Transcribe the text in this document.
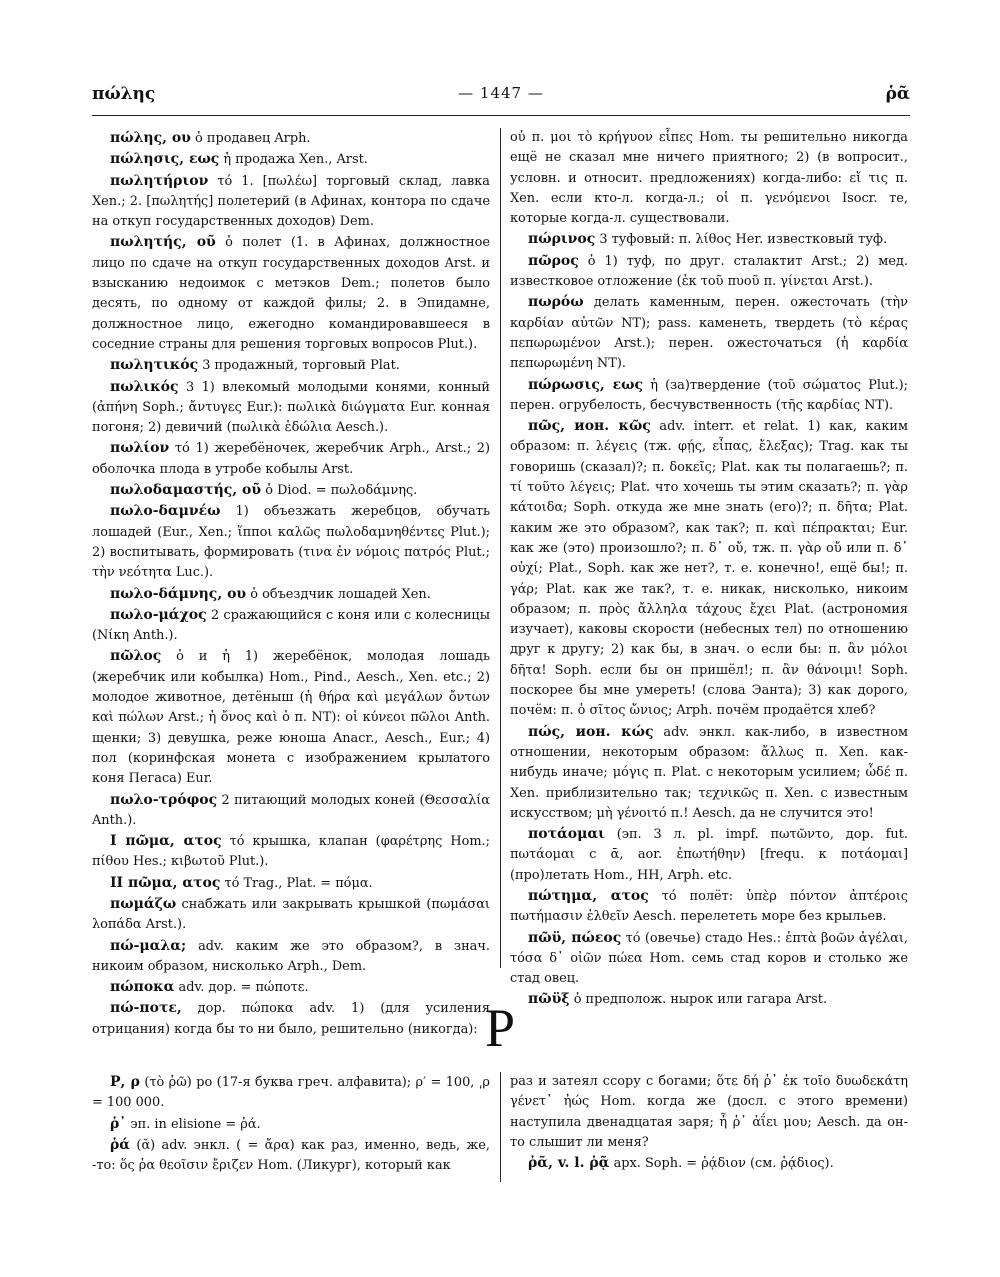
πώλης	— 1447 —	ῥᾶ

πώλης, ου ὁ продавец Arph.

πώλησις, εως ἡ продажа Xen., Arst.

πωλητήριον τό 1. [πωλέω] торговый склад, лавка Xen.; 2. [πωλητής] полетерий (в Афинах, контора по сдаче на откуп государственных доходов) Dem.

πωλητής, οῦ ὁ полет (1. в Афинах, должностное лицо по сдаче на откуп государственных доходов Arst. и взысканию недоимок с метэков Dem.; полетов было десять, по одному от каждой филы; 2. в Эпидамне, должностное лицо, ежегодно командировавшееся в соседние страны для решения торговых вопросов Plut.).

πωλητικός 3 продажный, торговый Plat.

πωλικός 3 1) влекомый молодыми конями, конный (ἀπήνη Soph.; ἄντυγες Eur.): πωλικὰ διώγματα Eur. конная погоня; 2) девичий (πωλικὰ ἑδώλια Aesch.).

πωλίον τό 1) жеребёночек, жеребчик Arph., Arst.; 2) оболочка плода в утробе кобылы Arst.

πωλοδαμαστής, οῦ ὁ Diod. = πωλοδάμνης.

πωλο-δαμνέω 1) объезжать жеребцов, обучать лошадей (Eur., Xen.; ἵπποι καλῶς πωλοδαμνηθέντες Plut.); 2) воспитывать, формировать (τινα ἐν νόμοις πατρός Plut.; τὴν νεότητα Luc.).

πωλο-δάμνης, ου ὁ объездчик лошадей Xen.

πωλο-μάχος 2 сражающийся с коня или с колесницы (Νίκη Anth.).

πῶλος ὁ и ἡ 1) жеребёнок, молодая лошадь (жеребчик или кобылка) Hom., Pind., Aesch., Xen. etc.; 2) молодое животное, детёныш (ἡ θήρα καὶ μεγάλων ὄντων καὶ πώλων Arst.; ἡ ὄνος καὶ ὁ π. NT): οἱ κύνεοι πῶλοι Anth. щенки; 3) девушка, реже юноша Anacr., Aesch., Eur.; 4) пол (коринфская монета с изображением крылатого коня Пегаса) Eur.

πωλο-τρόφος 2 питающий молодых коней (Θεσσαλία Anth.).

I πῶμα, ατος τό крышка, клапан (φαρέτρης Hom.; πίθου Hes.; κιβωτοῦ Plut.).

II πῶμα, ατος τό Trag., Plat. = πόμα.

πωμάζω снабжать или закрывать крышкой (πωμάσαι λοπάδα Arst.).

πώ-μαλα; adv. каким же это образом?, в знач. никоим образом, нисколько Arph., Dem.

πώποκα adv. дор. = πώποτε.

πώ-ποτε, дор. πώποκα adv. 1) (для усиления отрицания) когда бы то ни было, решительно (никогда):

οὐ π. μοι τὸ κρήγυον εἶπες Hom. ты решительно никогда ещё не сказал мне ничего приятного; 2) (в вопросит., условн. и относит. предложениях) когда-либо: εἴ τις π. Xen. если кто-л. когда-л.; οἱ π. γενόμενοι Isocr. те, которые когда-л. существовали.

πώρινος 3 туфовый: π. λίθος Her. известковый туф.

πῶρος ὁ 1) туф, по друг. сталактит Arst.; 2) мед. известковое отложение (ἐκ τοῦ πυοῦ π. γίνεται Arst.).

πωρόω делать каменным, перен. ожесточать (τὴν καρδίαν αὐτῶν NT); pass. каменеть, твердеть (τὸ κέρας πεπωρωμένον Arst.); перен. ожесточаться (ἡ καρδία πεπωρωμένη NT).

πώρωσις, εως ἡ (за)твердение (τοῦ σώματος Plut.); перен. огрубелость, бесчувственность (τῆς καρδίας NT).

πῶς, ион. κῶς adv. interr. et relat. 1) как, каким образом: π. λέγεις (тж. φῄς, εἶπας, ἔλεξας); Trag. как ты говоришь (сказал)?; π. δοκεῖς; Plat. как ты полагаешь?; π. τί τοῦτο λέγεις; Plat. что хочешь ты этим сказать?; π. γὰρ κάτοιδα; Soph. откуда же мне знать (его)?; π. δῆτα; Plat. каким же это образом?, как так?; π. καὶ πέπρακται; Eur. как же (это) произошло?; π. δ᾽ οὔ, тж. π. γὰρ οὔ или π. δ᾽ οὐχί; Plat., Soph. как же нет?, т. е. конечно!, ещё бы!; π. γάρ; Plat. как же так?, т. е. никак, нисколько, никоим образом; π. πρὸς ἄλληλα τάχους ἔχει Plat. (астрономия изучает), каковы скорости (небесных тел) по отношению друг к другу; 2) как бы, в знач. о если бы: π. ἂν μόλοι δῆτα! Soph. если бы он пришёл!; π. ἂν θάνοιμι! Soph. поскорее бы мне умереть! (слова Эанта); 3) как дорого, почём: π. ὁ σῖτος ὤνιος; Arph. почём продаётся хлеб?

πώς, ион. κώς adv. энкл. как-либо, в известном отношении, некоторым образом: ἄλλως π. Xen. как-нибудь иначе; μόγις π. Plat. с некоторым усилием; ὧδέ π. Xen. приблизительно так; τεχνικῶς π. Xen. с известным искусством; μὴ γένοιτό π.! Aesch. да не случится это!

ποτάομαι (эп. 3 л. pl. impf. πωτῶντο, дор. fut. πωτάομαι с ᾱ, aor. ἐπωτήθην) [frequ. к ποτάομαι] (про)летать Hom., HH, Arph. etc.

πώτημα, ατος τό полёт: ὑπὲρ πόντον ἀπτέροις πωτήμασιν ἐλθεῖν Aesch. перелететь море без крыльев.

πῶϋ, πώεος τό (овечье) стадо Hes.: ἑπτὰ βοῶν ἀγέλαι, τόσα δ᾽ οἰῶν πώεα Hom. семь стад коров и столько же стад овец.

πῶϋξ ὁ предполож. нырок или гагара Arst.

Ρ

Ρ, ρ (τὸ ῥῶ) ро (17-я буква греч. алфавита); ρ′ = 100, ͵ρ = 100 000.

ῥ᾽ эп. in elisione = ῥά.

ῥά (ᾰ) adv. энкл. ( = ἄρα) как раз, именно, ведь, же, -то: ὅς ῥα θεοῖσιν ἔριζεν Hom. (Ликург), который как

раз и затеял ссору с богами; ὅτε δή ῥ᾽ ἐκ τοῖο δυωδεκάτη γένετ᾽ ἠώς Hom. когда же (досл. с этого времени) наступила двенадцатая заря; ἦ ῥ᾽ ἀΐει μου; Aesch. да он-то слышит ли меня?

ῥᾶ, v. l. ῥᾷ арх. Soph. = ῥᾴδιον (см. ῥᾴδιος).
